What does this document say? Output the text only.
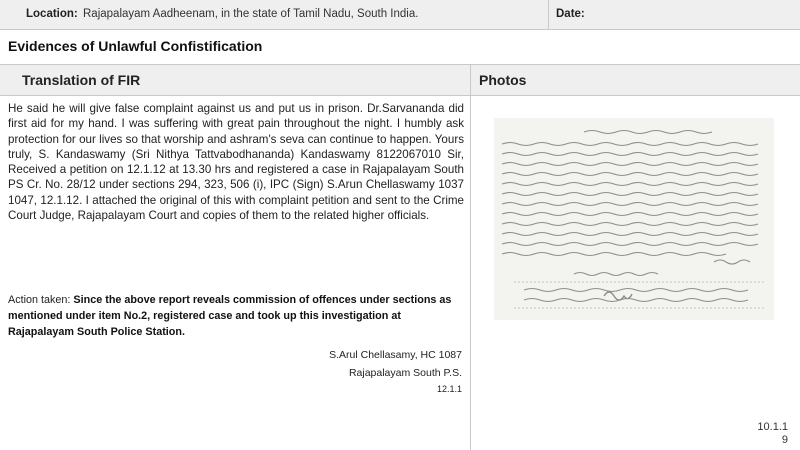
Location: Rajapalayam Aadheenam, in the state of Tamil Nadu, South India.	Date:
Evidences of Unlawful Confistification
Translation of FIR	Photos
He said he will give false complaint against us and put us in prison. Dr.Sarvananda did first aid for my hand. I was suffering with great pain throughout the night. I humbly ask protection for our lives so that worship and ashram's seva can continue to happen. Yours truly, S. Kandaswamy (Sri Nithya Tattvabodhananda) Kandaswamy 8122067010 Sir, Received a petition on 12.1.12 at 13.30 hrs and registered a case in Rajapalayam South PS Cr. No. 28/12 under sections 294, 323, 506 (i), IPC (Sign) S.Arun Chellaswamy 1037 1047, 12.1.12. I attached the original of this with complaint petition and sent to the Crime Court Judge, Rajapalayam Court and copies of them to the related higher officials.
Action taken: Since the above report reveals commission of offences under sections as mentioned under item No.2, registered case and took up this investigation at Rajapalayam South Police Station.
S.Arul Chellasamy, HC 1087
Rajapalayam South P.S.
12.1.1
10.1.1
9
